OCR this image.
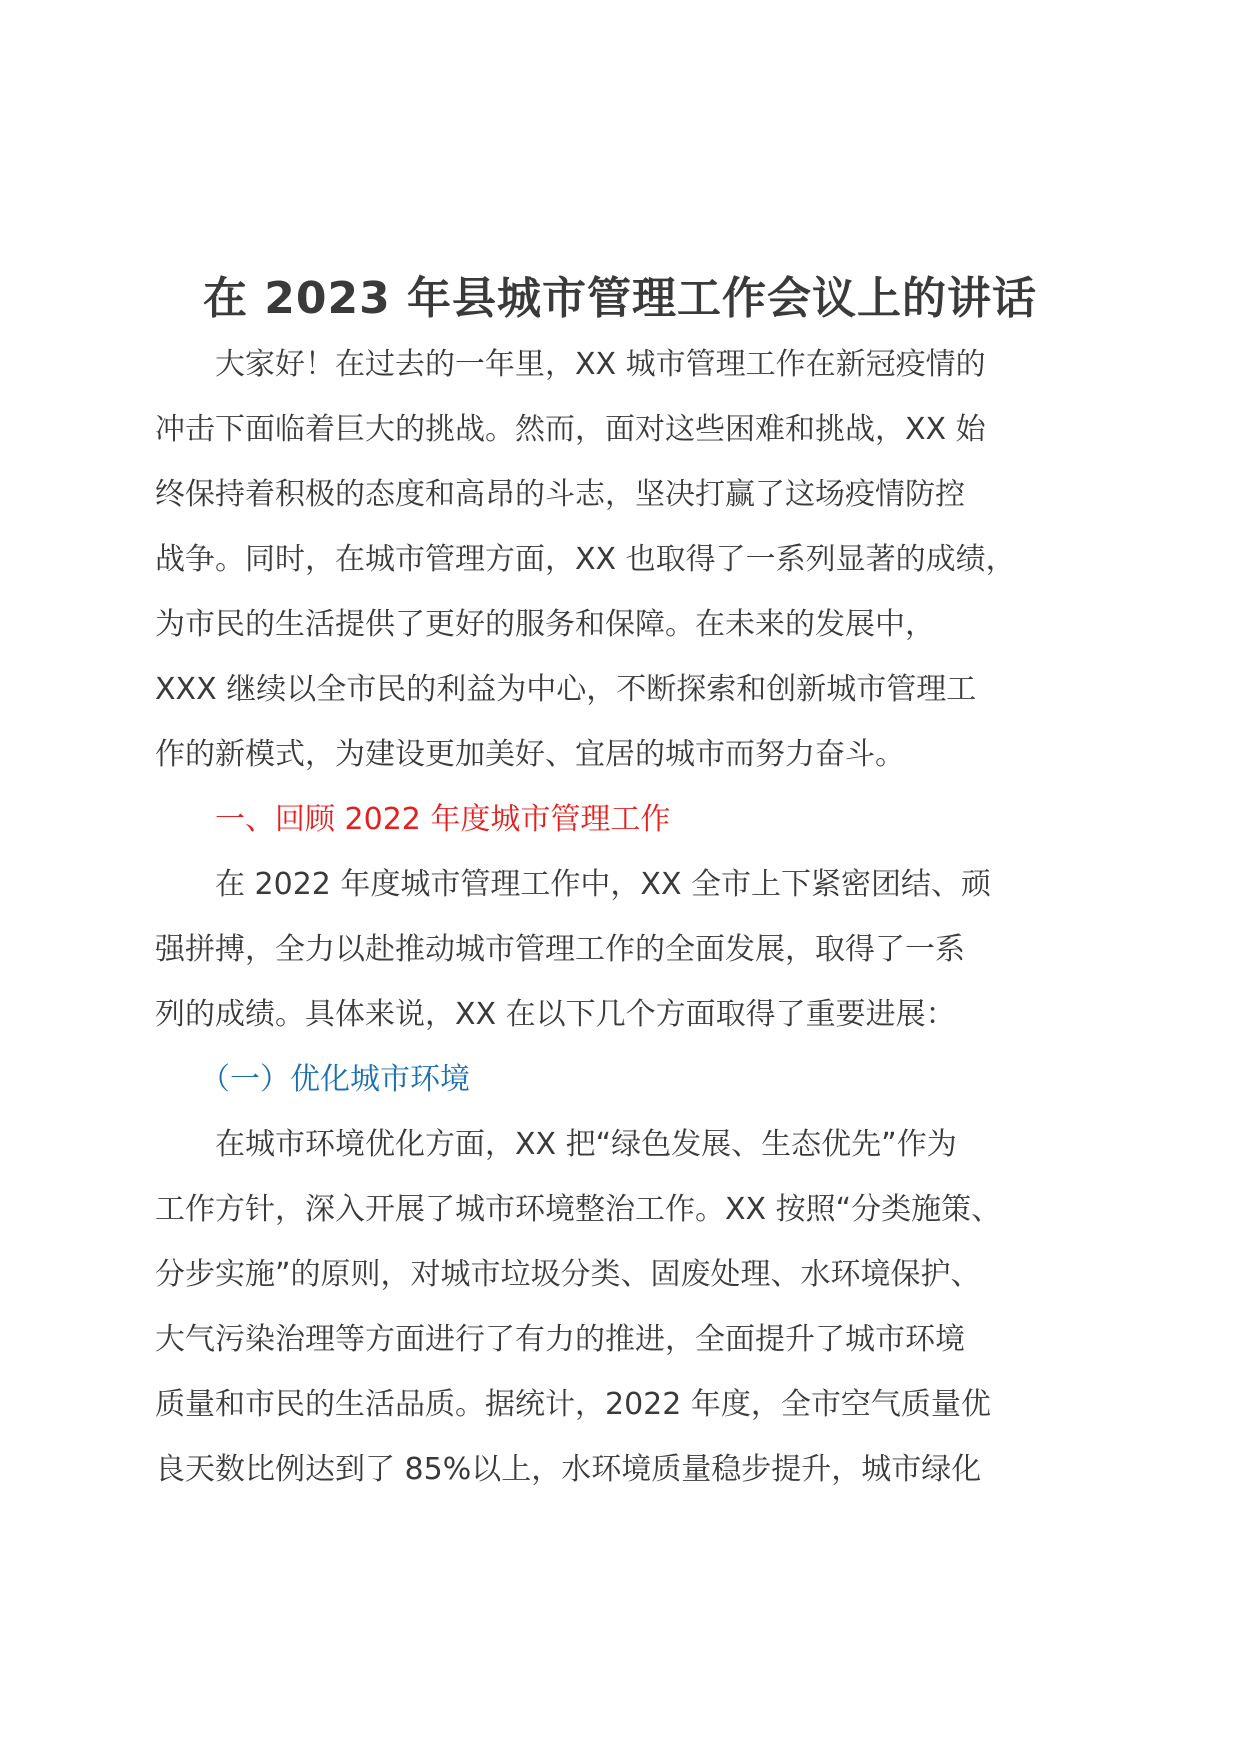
在 2023 年县城市管理工作会议上的讲话

大家好！在过去的一年里，XX 城市管理工作在新冠疫情的
冲击下面临着巨大的挑战。然而，面对这些困难和挑战，XX 始
终保持着积极的态度和高昂的斗志，坚决打赢了这场疫情防控
战争。同时，在城市管理方面，XX 也取得了一系列显著的成绩，
为市民的生活提供了更好的服务和保障。在未来的发展中，
XXX 继续以全市民的利益为中心，不断探索和创新城市管理工
作的新模式，为建设更加美好、宜居的城市而努力奋斗。

一、回顾 2022 年度城市管理工作

在 2022 年度城市管理工作中，XX 全市上下紧密团结、顽
强拼搏，全力以赴推动城市管理工作的全面发展，取得了一系
列的成绩。具体来说，XX 在以下几个方面取得了重要进展：

（一）优化城市环境

在城市环境优化方面，XX 把“绿色发展、生态优先”作为
工作方针，深入开展了城市环境整治工作。XX 按照“分类施策、
分步实施”的原则，对城市垃圾分类、固废处理、水环境保护、
大气污染治理等方面进行了有力的推进，全面提升了城市环境
质量和市民的生活品质。据统计，2022 年度，全市空气质量优
良天数比例达到了 85%以上，水环境质量稳步提升，城市绿化
